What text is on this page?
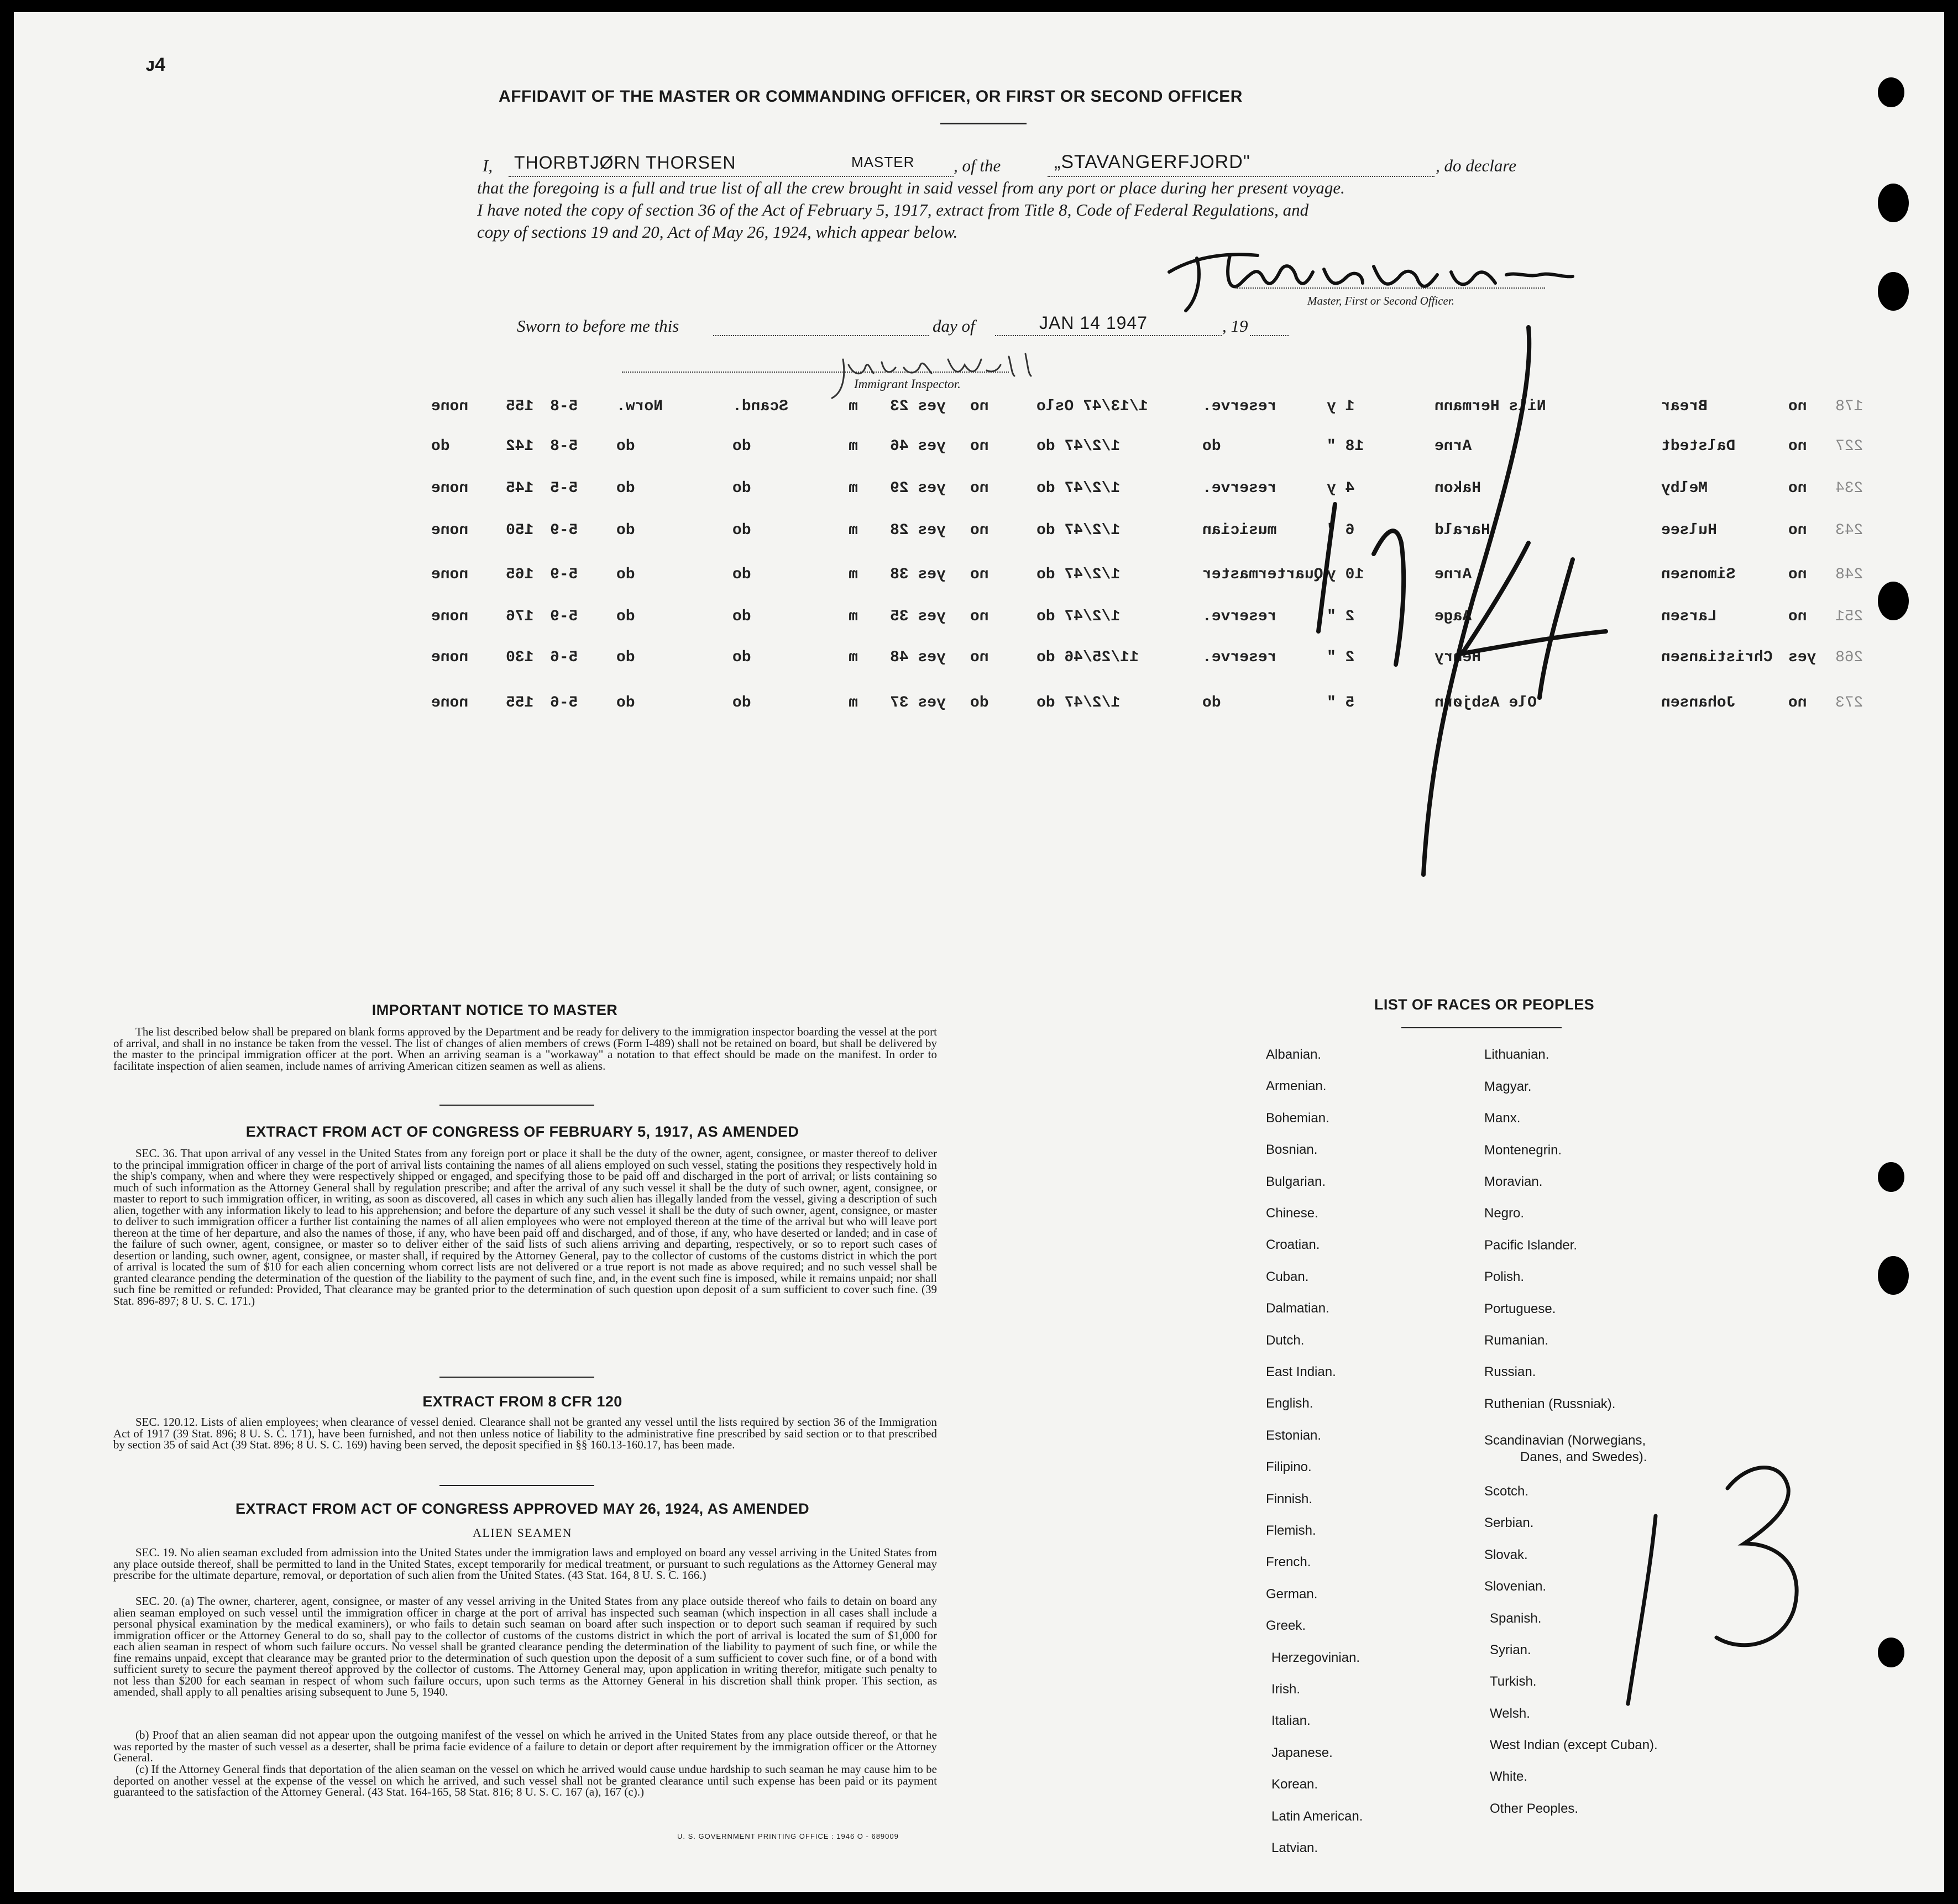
ᴊ4
AFFIDAVIT OF THE MASTER OR COMMANDING OFFICER, OR FIRST OR SECOND OFFICER
I, THORBTJØRN THORSEN	MASTER , of the	„STAVANGERFJORD"	, do declare
that the foregoing is a full and true list of all the crew brought in said vessel from any port or place during her present voyage.
I have noted the copy of section 36 of the Act of February 5, 1917, extract from Title 8, Code of Federal Regulations, and
copy of sections 19 and 20, Act of May 26, 1924, which appear below.
Master, First or Second Officer.
Sworn to before me this	day of	JAN 14 1947	, 19
Immigrant Inspector.
none 155 5-8 Norw.	Scand.	m yes 23 no	1/13/47 Oslo	reserve.	1 y	Nils Hermann	Brear	no 178
do	142 5-8 do	do	m yes 46 no	1/2/47 do	do	18 "	Arne	Dalstedt	no 227
none 145 5-5 do	do	m yes 29 no	1/2/47 do	reserve.	4 y	Hakon	Melby	no 234
none 150 5-9 do	do	m yes 28 no	1/2/47 do	musician	6 "	Harald	Hulsee	no 243
none 165 5-9 do	do	m yes 38 no	1/2/47 do	Quartermaster 10 y	Arne	Simonsen	no 248
none 176 5-9 do	do	m yes 35 no	1/2/47 do	reserve.	2 "	Aage	Larsen	no 251
none 130 5-6 do	do	m yes 48 no	11/25/46 do	reserve.	2 "	Henry	Christiansen yes 268
none 155 5-6 do	do	m yes 37 do	1/2/47 do	do	5 "	Ole Asbjørn	Johansen	no 273
IMPORTANT NOTICE TO MASTER
The list described below shall be prepared on blank forms approved by the Department and be ready for delivery to the immigration inspector boarding the vessel at the port of arrival, and shall in no instance be taken from the vessel. The list of changes of alien members of crews (Form I-489) shall not be retained on board, but shall be delivered by the master to the principal immigration officer at the port. When an arriving seaman is a "workaway" a notation to that effect should be made on the manifest. In order to facilitate inspection of alien seamen, include names of arriving American citizen seamen as well as aliens.
EXTRACT FROM ACT OF CONGRESS OF FEBRUARY 5, 1917, AS AMENDED
SEC. 36. That upon arrival of any vessel in the United States from any foreign port or place it shall be the duty of the owner, agent, consignee, or master thereof to deliver to the principal immigration officer in charge of the port of arrival lists containing the names of all aliens employed on such vessel, stating the positions they respectively hold in the ship's company, when and where they were respectively shipped or engaged, and specifying those to be paid off and discharged in the port of arrival; or lists containing so much of such information as the Attorney General shall by regulation prescribe; and after the arrival of any such vessel it shall be the duty of such owner, agent, consignee, or master to report to such immigration officer, in writing, as soon as discovered, all cases in which any such alien has illegally landed from the vessel, giving a description of such alien, together with any information likely to lead to his apprehension; and before the departure of any such vessel it shall be the duty of such owner, agent, consignee, or master to deliver to such immigration officer a further list containing the names of all alien employees who were not employed thereon at the time of the arrival but who will leave port thereon at the time of her departure, and also the names of those, if any, who have been paid off and discharged, and of those, if any, who have deserted or landed; and in case of the failure of such owner, agent, consignee, or master so to deliver either of the said lists of such aliens arriving and departing, respectively, or so to report such cases of desertion or landing, such owner, agent, consignee, or master shall, if required by the Attorney General, pay to the collector of customs of the customs district in which the port of arrival is located the sum of $10 for each alien concerning whom correct lists are not delivered or a true report is not made as above required; and no such vessel shall be granted clearance pending the determination of the question of the liability to the payment of such fine, and, in the event such fine is imposed, while it remains unpaid; nor shall such fine be remitted or refunded: Provided, That clearance may be granted prior to the determination of such question upon deposit of a sum sufficient to cover such fine. (39 Stat. 896-897; 8 U. S. C. 171.)
EXTRACT FROM 8 CFR 120
SEC. 120.12. Lists of alien employees; when clearance of vessel denied. Clearance shall not be granted any vessel until the lists required by section 36 of the Immigration Act of 1917 (39 Stat. 896; 8 U. S. C. 171), have been furnished, and not then unless notice of liability to the administrative fine prescribed by said section or to that prescribed by section 35 of said Act (39 Stat. 896; 8 U. S. C. 169) having been served, the deposit specified in §§ 160.13-160.17, has been made.
EXTRACT FROM ACT OF CONGRESS APPROVED MAY 26, 1924, AS AMENDED
ALIEN SEAMEN
SEC. 19. No alien seaman excluded from admission into the United States under the immigration laws and employed on board any vessel arriving in the United States from any place outside thereof, shall be permitted to land in the United States, except temporarily for medical treatment, or pursuant to such regulations as the Attorney General may prescribe for the ultimate departure, removal, or deportation of such alien from the United States. (43 Stat. 164, 8 U. S. C. 166.)
SEC. 20. (a) The owner, charterer, agent, consignee, or master of any vessel arriving in the United States from any place outside thereof who fails to detain on board any alien seaman employed on such vessel until the immigration officer in charge at the port of arrival has inspected such seaman (which inspection in all cases shall include a personal physical examination by the medical examiners), or who fails to detain such seaman on board after such inspection or to deport such seaman if required by such immigration officer or the Attorney General to do so, shall pay to the collector of customs of the customs district in which the port of arrival is located the sum of $1,000 for each alien seaman in respect of whom such failure occurs. No vessel shall be granted clearance pending the determination of the liability to payment of such fine, or while the fine remains unpaid, except that clearance may be granted prior to the determination of such question upon the deposit of a sum sufficient to cover such fine, or of a bond with sufficient surety to secure the payment thereof approved by the collector of customs. The Attorney General may, upon application in writing therefor, mitigate such penalty to not less than $200 for each seaman in respect of whom such failure occurs, upon such terms as the Attorney General in his discretion shall think proper. This section, as amended, shall apply to all penalties arising subsequent to June 5, 1940.
(b) Proof that an alien seaman did not appear upon the outgoing manifest of the vessel on which he arrived in the United States from any place outside thereof, or that he was reported by the master of such vessel as a deserter, shall be prima facie evidence of a failure to detain or deport after requirement by the immigration officer or the Attorney General.
(c) If the Attorney General finds that deportation of the alien seaman on the vessel on which he arrived would cause undue hardship to such seaman he may cause him to be deported on another vessel at the expense of the vessel on which he arrived, and such vessel shall not be granted clearance until such expense has been paid or its payment guaranteed to the satisfaction of the Attorney General. (43 Stat. 164-165, 58 Stat. 816; 8 U. S. C. 167 (a), 167 (c).)
U. S. GOVERNMENT PRINTING OFFICE : 1946 O - 689009
LIST OF RACES OR PEOPLES
Albanian.
Armenian.
Bohemian.
Bosnian.
Bulgarian.
Chinese.
Croatian.
Cuban.
Dalmatian.
Dutch.
East Indian.
English.
Estonian.
Filipino.
Finnish.
Flemish.
French.
German.
Greek.
Herzegovinian.
Irish.
Italian.
Japanese.
Korean.
Latin American.
Latvian.
Lithuanian.
Magyar.
Manx.
Montenegrin.
Moravian.
Negro.
Pacific Islander.
Polish.
Portuguese.
Rumanian.
Russian.
Ruthenian (Russniak).
Scandinavian (Norwegians,
Danes, and Swedes).
Scotch.
Serbian.
Slovak.
Slovenian.
Spanish.
Syrian.
Turkish.
Welsh.
West Indian (except Cuban).
White.
Other Peoples.
